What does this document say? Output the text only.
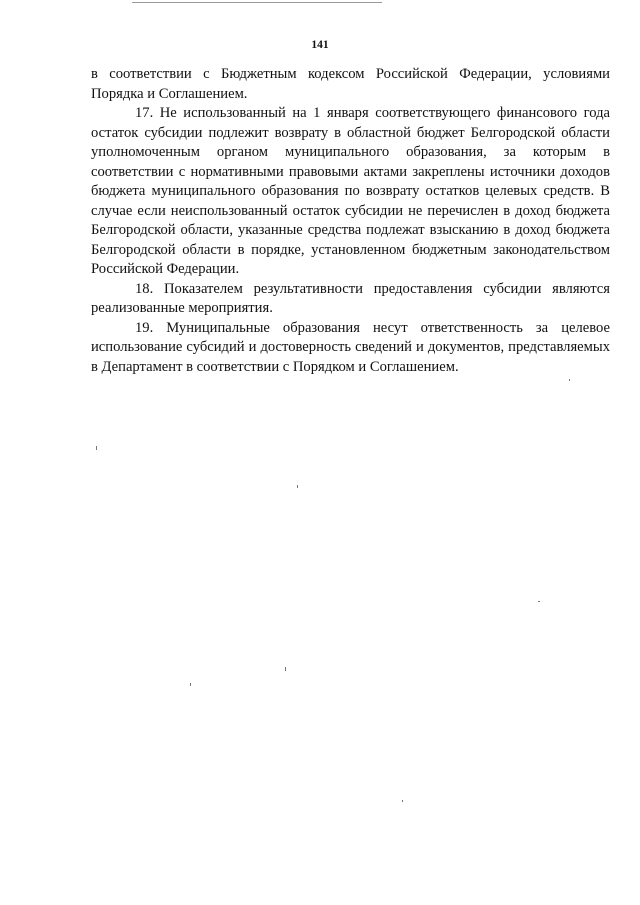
141

в соответствии с Бюджетным кодексом Российской Федерации, условиями Порядка и Соглашением.

17. Не использованный на 1 января соответствующего финансового года остаток субсидии подлежит возврату в областной бюджет Белгородской области уполномоченным органом муниципального образования, за которым в соответствии с нормативными правовыми актами закреплены источники доходов бюджета муниципального образования по возврату остатков целевых средств. В случае если неиспользованный остаток субсидии не перечислен в доход бюджета Белгородской области, указанные средства подлежат взысканию в доход бюджета Белгородской области в порядке, установленном бюджетным законодательством Российской Федерации.

18. Показателем результативности предоставления субсидии являются реализованные мероприятия.

19. Муниципальные образования несут ответственность за целевое использование субсидий и достоверность сведений и документов, представляемых в Департамент в соответствии с Порядком и Соглашением.
